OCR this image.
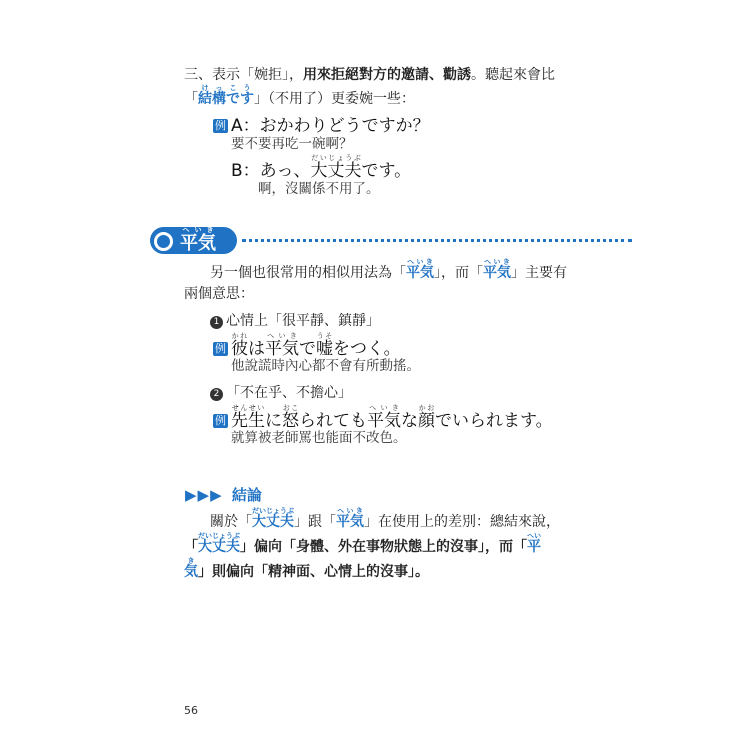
三、表示「婉拒」，用來拒絕對方的邀請、勸誘。聽起來會比
「結構ですけっこう」（不用了）更委婉一些：
例 A：おかわりどうですか？
要不要再吃一碗啊？
B：あっ、大丈夫だいじょうぶです。
啊，沒關係不用了。
平気へいき
另一個也很常用的相似用法為「平気へいき」，而「平気へいき」主要有
兩個意思：
1 心情上「很平靜、鎮靜」
例 彼かれは平気へいきで嘘うそをつく。
他說謊時內心都不會有所動搖。
2 「不在乎、不擔心」
例 先生せんせいに怒おこられても平気へいきな顔かおでいられます。
就算被老師罵也能面不改色。
▶▶▶ 結論
關於「大丈夫だいじょうぶ」跟「平気へいき」在使用上的差別：總結來說，
「大丈夫だいじょうぶ」偏向「身體、外在事物狀態上的沒事」，而「平へい
気き」則偏向「精神面、心情上的沒事」。
56
